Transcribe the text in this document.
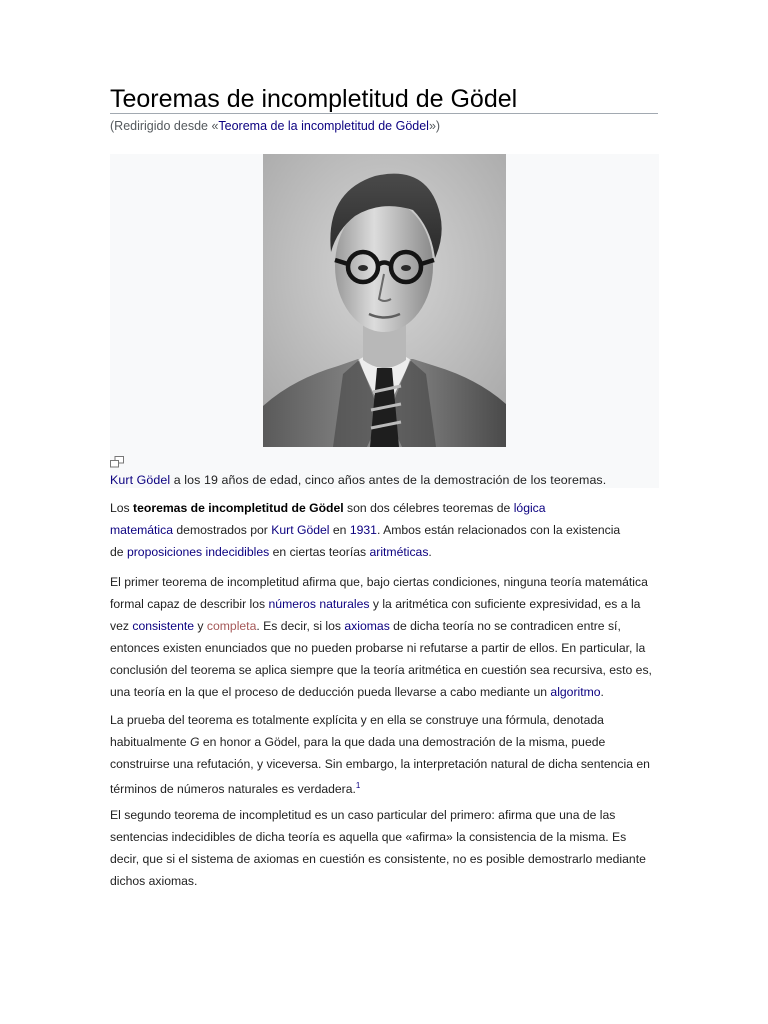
Teoremas de incompletitud de Gödel
(Redirigido desde «Teorema de la incompletitud de Gödel»)
Kurt Gödel a los 19 años de edad, cinco años antes de la demostración de los teoremas.

Los teoremas de incompletitud de Gödel son dos célebres teoremas de lógica
matemática demostrados por Kurt Gödel en 1931. Ambos están relacionados con la existencia
de proposiciones indecidibles en ciertas teorías aritméticas.

El primer teorema de incompletitud afirma que, bajo ciertas condiciones, ninguna teoría matemática
formal capaz de describir los números naturales y la aritmética con suficiente expresividad, es a la
vez consistente y completa. Es decir, si los axiomas de dicha teoría no se contradicen entre sí,
entonces existen enunciados que no pueden probarse ni refutarse a partir de ellos. En particular, la
conclusión del teorema se aplica siempre que la teoría aritmética en cuestión sea recursiva, esto es,
una teoría en la que el proceso de deducción pueda llevarse a cabo mediante un algoritmo.

La prueba del teorema es totalmente explícita y en ella se construye una fórmula, denotada
habitualmente G en honor a Gödel, para la que dada una demostración de la misma, puede
construirse una refutación, y viceversa. Sin embargo, la interpretación natural de dicha sentencia en
términos de números naturales es verdadera.$^1$

El segundo teorema de incompletitud es un caso particular del primero: afirma que una de las
sentencias indecidibles de dicha teoría es aquella que «afirma» la consistencia de la misma. Es
decir, que si el sistema de axiomas en cuestión es consistente, no es posible demostrarlo mediante
dichos axiomas.
